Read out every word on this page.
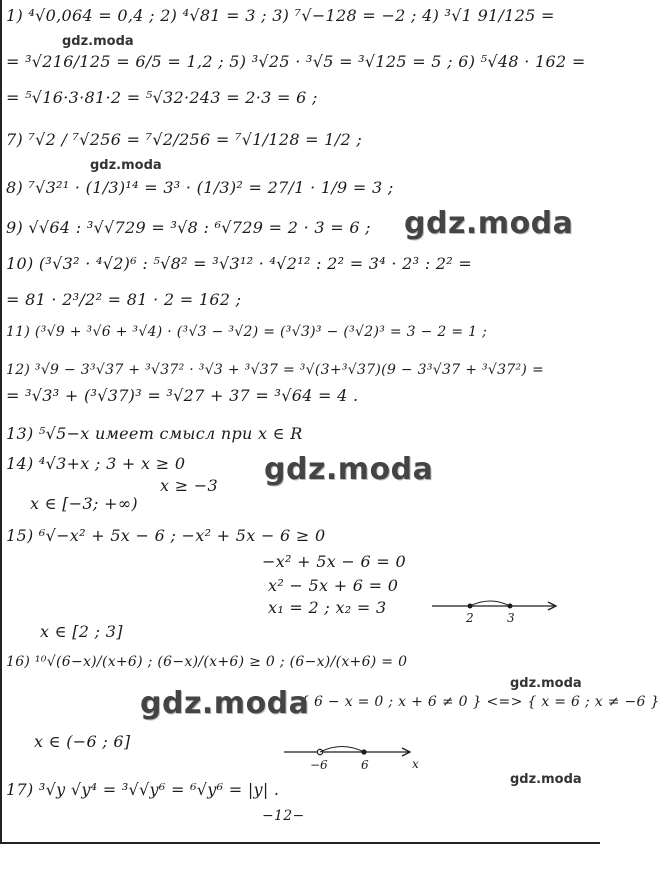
1) ⁴√0,064 = 0,4 ; 2) ⁴√81 = 3 ; 3) ⁷√−128 = −2 ; 4) ³√1 91/125 =
= ³√216/125 = 6/5 = 1,2 ; 5) ³√25 · ³√5 = ³√125 = 5 ; 6) ⁵√48 · 162 =
= ⁵√16·3·81·2 = ⁵√32·243 = 2·3 = 6 ;
7) ⁷√2 / ⁷√256 = ⁷√2/256 = ⁷√1/128 = 1/2 ;
8) ⁷√3²¹ · (1/3)¹⁴ = 3³ · (1/3)² = 27/1 · 1/9 = 3 ;
9) √√64 : ³√√729 = ³√8 : ⁶√729 = 2 · 3 = 6 ;
10) (³√3² · ⁴√2)⁶ : ⁵√8² = ³√3¹² · ⁴√2¹² : 2² = 3⁴ · 2³ : 2² =
= 81 · 2³/2² = 81 · 2 = 162 ;
11) (³√9 + ³√6 + ³√4) · (³√3 − ³√2) = (³√3)³ − (³√2)³ = 3 − 2 = 1 ;
12) ³√9 − 3³√37 + ³√37² · ³√3 + ³√37 = ³√(3+³√37)(9 − 3³√37 + ³√37²) =
= ³√3³ + (³√37)³ = ³√27 + 37 = ³√64 = 4 .
13) ⁵√5−x имеет смысл при x ∈ R
14) ⁴√3+x ; 3 + x ≥ 0
x ≥ −3
x ∈ [−3; +∞)
15) ⁶√−x² + 5x − 6 ; −x² + 5x − 6 ≥ 0
−x² + 5x − 6 = 0
x² − 5x + 6 = 0
x₁ = 2 ; x₂ = 3
x ∈ [2 ; 3]
16) ¹⁰√(6−x)/(x+6) ; (6−x)/(x+6) ≥ 0 ; (6−x)/(x+6) = 0
{ 6 − x = 0 ; x + 6 ≠ 0 } <=> { x = 6 ; x ≠ −6 }
x ∈ (−6 ; 6]
17) ³√y √y⁴ = ³√√y⁶ = ⁶√y⁶ = |y| .
−12−
2	3
−6	6	x
gdz.moda
gdz.moda
gdz.moda
gdz.moda
gdz.moda
gdz.moda
gdz.moda
